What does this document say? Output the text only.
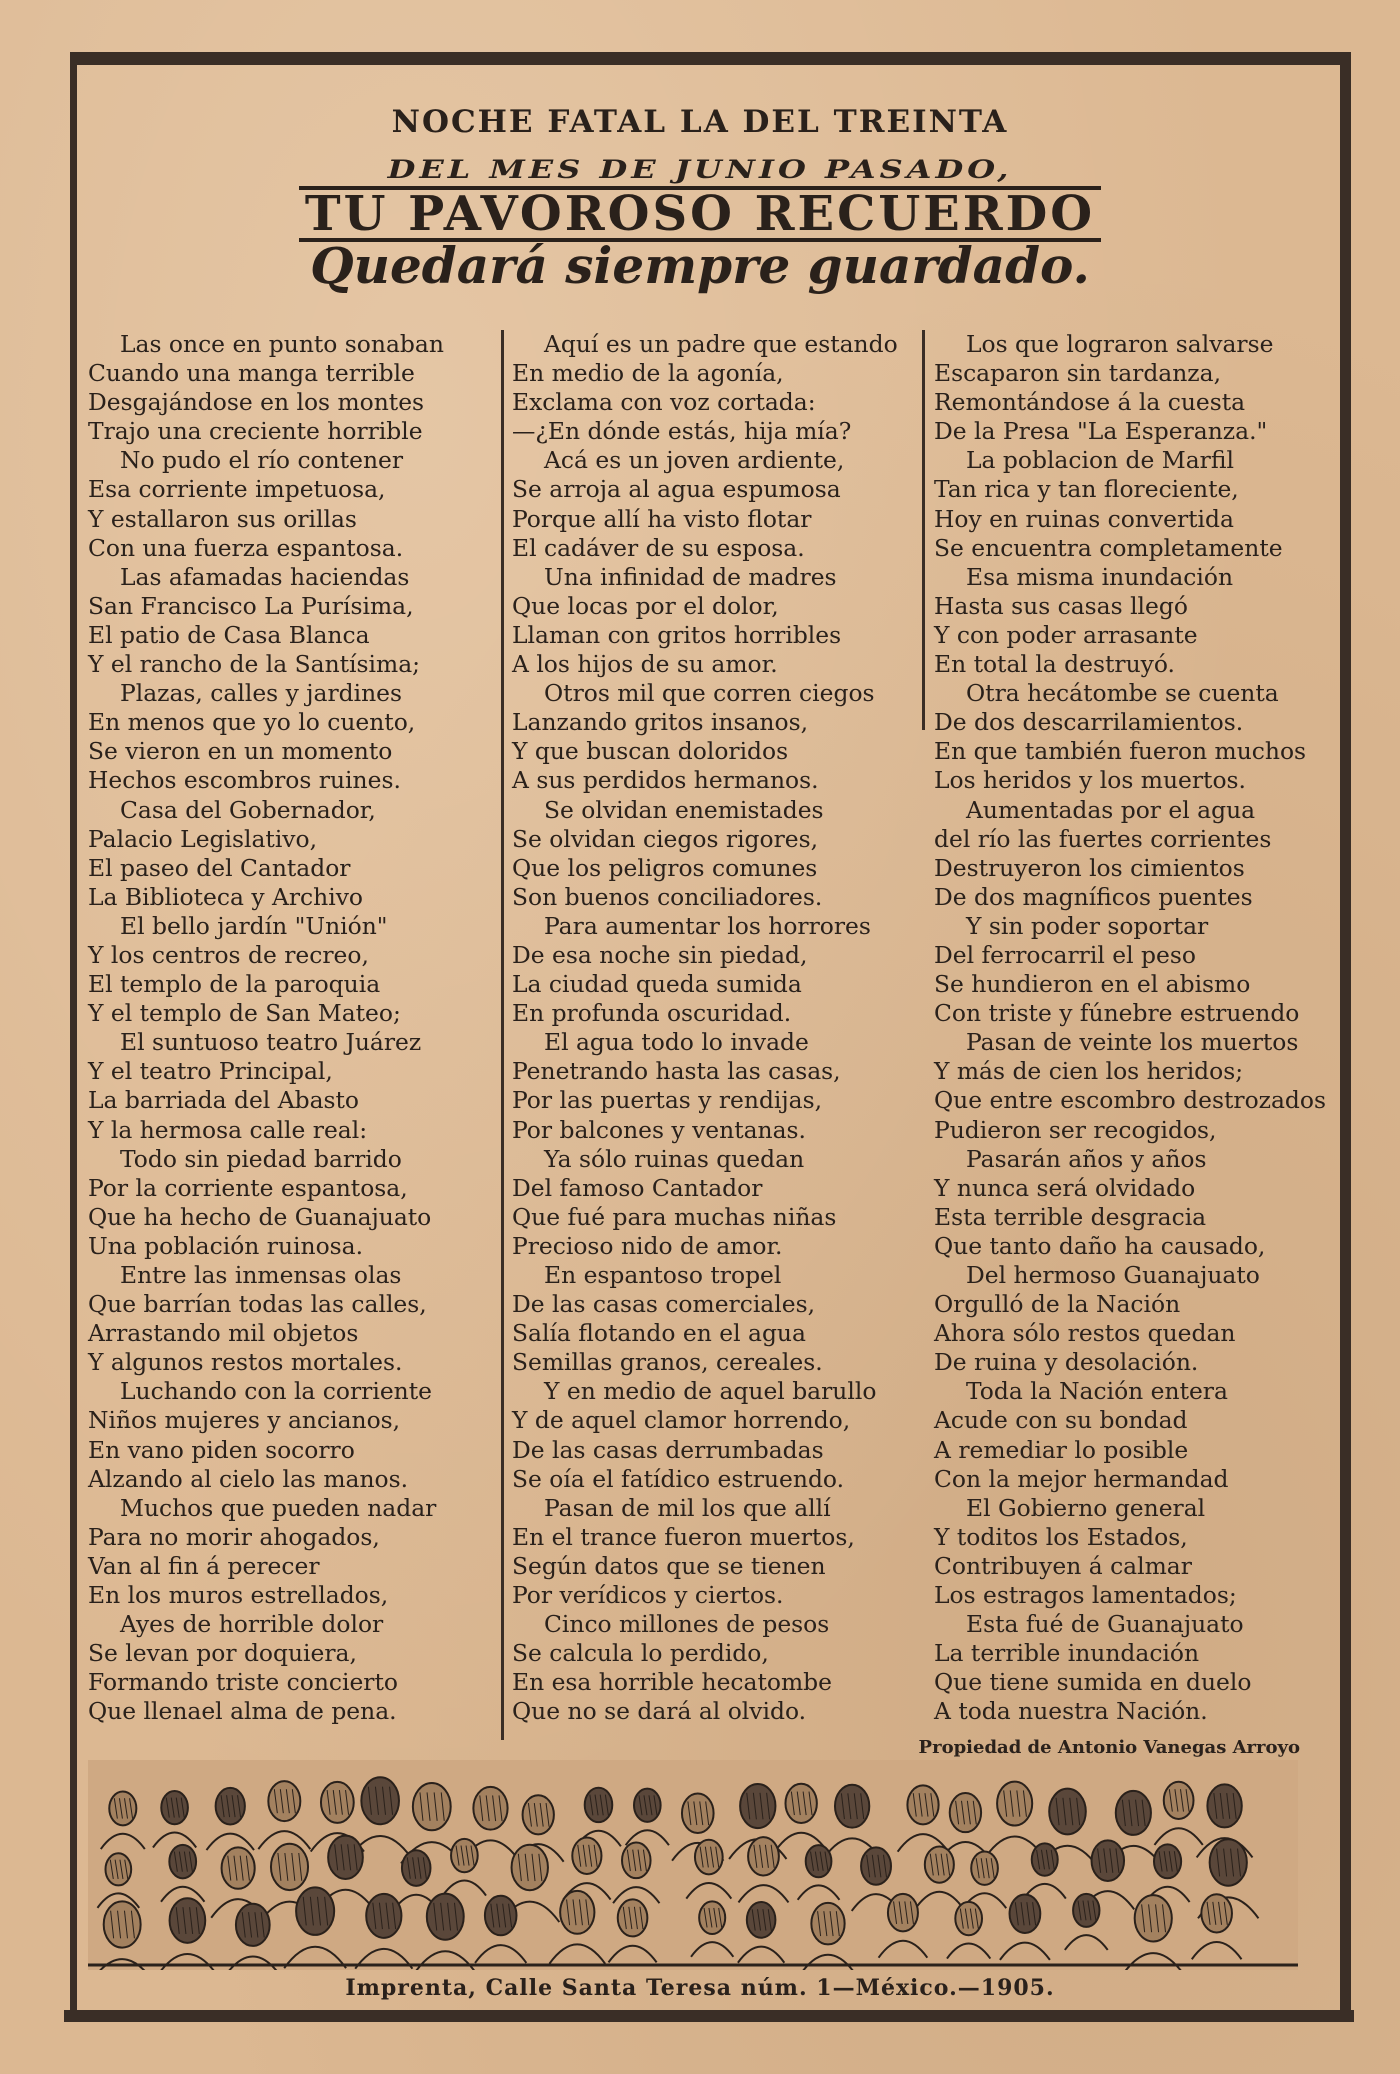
NOCHE FATAL LA DEL TREINTA
DEL MES DE JUNIO PASADO,
TU PAVOROSO RECUERDO
Quedará siempre guardado.
Las once en punto sonaban
Cuando una manga terrible
Desgajándose en los montes
Trajo una creciente horrible
No pudo el río contener
Esa corriente impetuosa,
Y estallaron sus orillas
Con una fuerza espantosa.
Las afamadas haciendas
San Francisco La Purísima,
El patio de Casa Blanca
Y el rancho de la Santísima;
Plazas, calles y jardines
En menos que yo lo cuento,
Se vieron en un momento
Hechos escombros ruines.
Casa del Gobernador,
Palacio Legislativo,
El paseo del Cantador
La Biblioteca y Archivo
El bello jardín "Unión"
Y los centros de recreo,
El templo de la paroquia
Y el templo de San Mateo;
El suntuoso teatro Juárez
Y el teatro Principal,
La barriada del Abasto
Y la hermosa calle real:
Todo sin piedad barrido
Por la corriente espantosa,
Que ha hecho de Guanajuato
Una población ruinosa.
Entre las inmensas olas
Que barrían todas las calles,
Arrastando mil objetos
Y algunos restos mortales.
Luchando con la corriente
Niños mujeres y ancianos,
En vano piden socorro
Alzando al cielo las manos.
Muchos que pueden nadar
Para no morir ahogados,
Van al fin á perecer
En los muros estrellados,
Ayes de horrible dolor
Se levan por doquiera,
Formando triste concierto
Que llenael alma de pena.
Aquí es un padre que estando
En medio de la agonía,
Exclama con voz cortada:
—¿En dónde estás, hija mía?
Acá es un joven ardiente,
Se arroja al agua espumosa
Porque allí ha visto flotar
El cadáver de su esposa.
Una infinidad de madres
Que locas por el dolor,
Llaman con gritos horribles
A los hijos de su amor.
Otros mil que corren ciegos
Lanzando gritos insanos,
Y que buscan doloridos
A sus perdidos hermanos.
Se olvidan enemistades
Se olvidan ciegos rigores,
Que los peligros comunes
Son buenos conciliadores.
Para aumentar los horrores
De esa noche sin piedad,
La ciudad queda sumida
En profunda oscuridad.
El agua todo lo invade
Penetrando hasta las casas,
Por las puertas y rendijas,
Por balcones y ventanas.
Ya sólo ruinas quedan
Del famoso Cantador
Que fué para muchas niñas
Precioso nido de amor.
En espantoso tropel
De las casas comerciales,
Salía flotando en el agua
Semillas granos, cereales.
Y en medio de aquel barullo
Y de aquel clamor horrendo,
De las casas derrumbadas
Se oía el fatídico estruendo.
Pasan de mil los que allí
En el trance fueron muertos,
Según datos que se tienen
Por verídicos y ciertos.
Cinco millones de pesos
Se calcula lo perdido,
En esa horrible hecatombe
Que no se dará al olvido.
Los que lograron salvarse
Escaparon sin tardanza,
Remontándose á la cuesta
De la Presa "La Esperanza."
La poblacion de Marfil
Tan rica y tan floreciente,
Hoy en ruinas convertida
Se encuentra completamente
Esa misma inundación
Hasta sus casas llegó
Y con poder arrasante
En total la destruyó.
Otra hecátombe se cuenta
De dos descarrilamientos.
En que también fueron muchos
Los heridos y los muertos.
Aumentadas por el agua
del río las fuertes corrientes
Destruyeron los cimientos
De dos magníficos puentes
Y sin poder soportar
Del ferrocarril el peso
Se hundieron en el abismo
Con triste y fúnebre estruendo
Pasan de veinte los muertos
Y más de cien los heridos;
Que entre escombro destrozados
Pudieron ser recogidos,
Pasarán años y años
Y nunca será olvidado
Esta terrible desgracia
Que tanto daño ha causado,
Del hermoso Guanajuato
Orgulló de la Nación
Ahora sólo restos quedan
De ruina y desolación.
Toda la Nación entera
Acude con su bondad
A remediar lo posible
Con la mejor hermandad
El Gobierno general
Y toditos los Estados,
Contribuyen á calmar
Los estragos lamentados;
Esta fué de Guanajuato
La terrible inundación
Que tiene sumida en duelo
A toda nuestra Nación.
Propiedad de Antonio Vanegas Arroyo
Imprenta, Calle Santa Teresa núm. 1—México.—1905.
